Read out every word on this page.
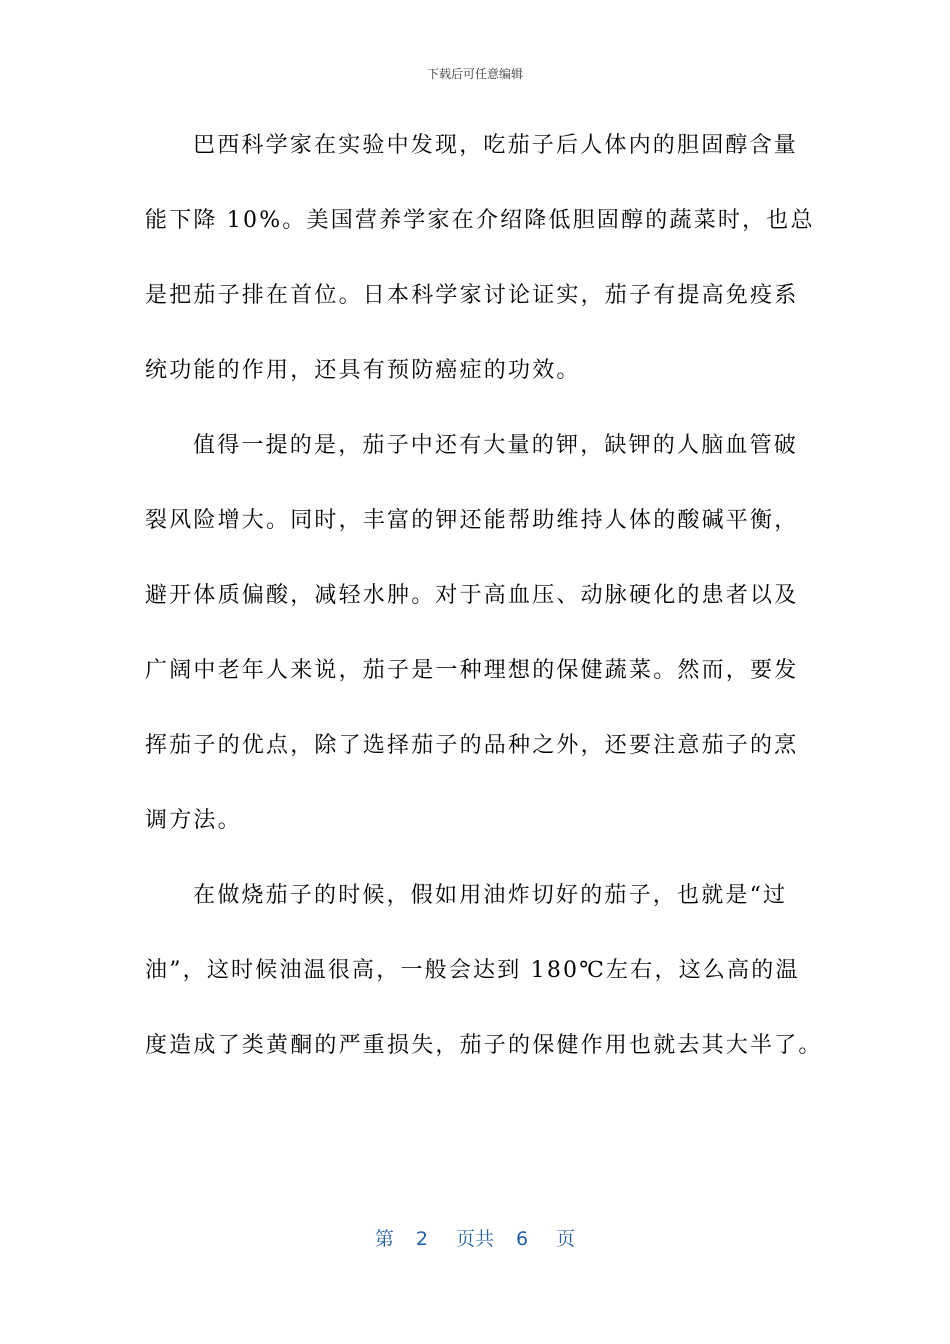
下载后可任意编辑
巴西科学家在实验中发现，吃茄子后人体内的胆固醇含量
能下降 10%。美国营养学家在介绍降低胆固醇的蔬菜时，也总
是把茄子排在首位。日本科学家讨论证实，茄子有提高免疫系
统功能的作用，还具有预防癌症的功效。
值得一提的是，茄子中还有大量的钾，缺钾的人脑血管破
裂风险增大。同时，丰富的钾还能帮助维持人体的酸碱平衡，
避开体质偏酸，减轻水肿。对于高血压、动脉硬化的患者以及
广阔中老年人来说，茄子是一种理想的保健蔬菜。然而，要发
挥茄子的优点，除了选择茄子的品种之外，还要注意茄子的烹
调方法。
在做烧茄子的时候，假如用油炸切好的茄子，也就是“过
油”，这时候油温很高，一般会达到 180℃左右，这么高的温
度造成了类黄酮的严重损失，茄子的保健作用也就去其大半了。
第 2 页共 6 页
